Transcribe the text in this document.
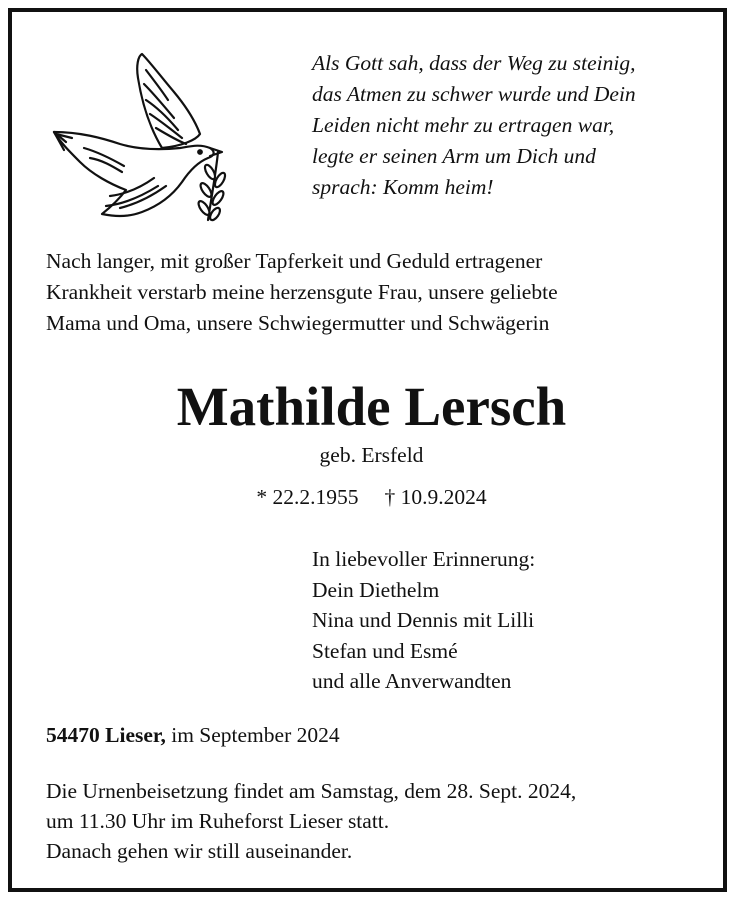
Als Gott sah, dass der Weg zu steinig,
das Atmen zu schwer wurde und Dein
Leiden nicht mehr zu ertragen war,
legte er seinen Arm um Dich und
sprach: Komm heim!
Nach langer, mit großer Tapferkeit und Geduld ertragener
Krankheit verstarb meine herzensgute Frau, unsere geliebte
Mama und Oma, unsere Schwiegermutter und Schwägerin
Mathilde Lersch
geb. Ersfeld
* 22.2.1955 † 10.9.2024
In liebevoller Erinnerung:
Dein Diethelm
Nina und Dennis mit Lilli
Stefan und Esmé
und alle Anverwandten
54470 Lieser, im September 2024
Die Urnenbeisetzung findet am Samstag, dem 28. Sept. 2024,
um 11.30 Uhr im Ruheforst Lieser statt.
Danach gehen wir still auseinander.
